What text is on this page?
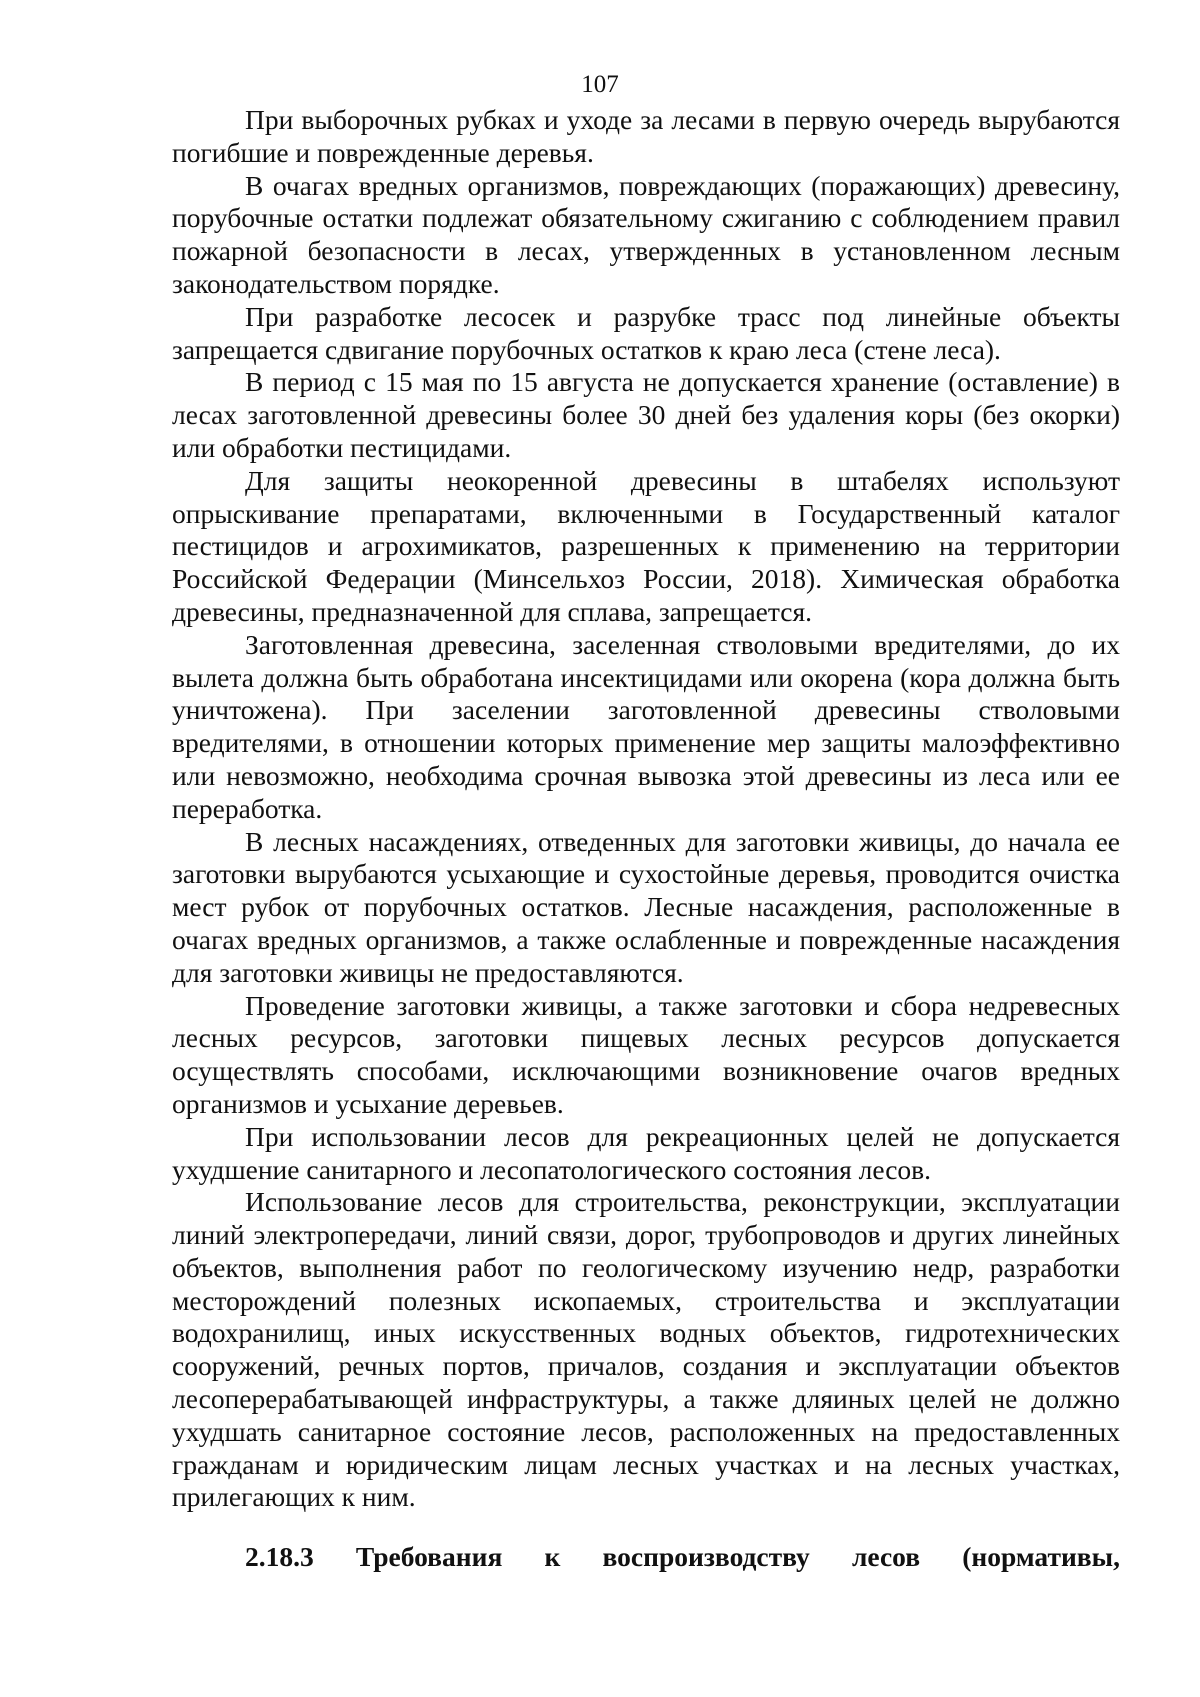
107

При выборочных рубках и уходе за лесами в первую очередь вырубаются погибшие и поврежденные деревья.

В очагах вредных организмов, повреждающих (поражающих) древесину, порубочные остатки подлежат обязательному сжиганию с соблюдением правил пожарной безопасности в лесах, утвержденных в установленном лесным законодательством порядке.

При разработке лесосек и разрубке трасс под линейные объекты запрещается сдвигание порубочных остатков к краю леса (стене леса).

В период с 15 мая по 15 августа не допускается хранение (оставление) в лесах заготовленной древесины более 30 дней без удаления коры (без окорки) или обработки пестицидами.

Для защиты неокоренной древесины в штабелях используют опрыскивание препаратами, включенными в Государственный каталог пестицидов и агрохимикатов, разрешенных к применению на территории Российской Федерации (Минсельхоз России, 2018). Химическая обработка древесины, предназначенной для сплава, запрещается.

Заготовленная древесина, заселенная стволовыми вредителями, до их вылета должна быть обработана инсектицидами или окорена (кора должна быть уничтожена). При заселении заготовленной древесины стволовыми вредителями, в отношении которых применение мер защиты малоэффективно или невозможно, необходима срочная вывозка этой древесины из леса или ее переработка.

В лесных насаждениях, отведенных для заготовки живицы, до начала ее заготовки вырубаются усыхающие и сухостойные деревья, проводится очистка мест рубок от порубочных остатков. Лесные насаждения, расположенные в очагах вредных организмов, а также ослабленные и поврежденные насаждения для заготовки живицы не предоставляются.

Проведение заготовки живицы, а также заготовки и сбора недревесных лесных ресурсов, заготовки пищевых лесных ресурсов допускается осуществлять способами, исключающими возникновение очагов вредных организмов и усыхание деревьев.

При использовании лесов для рекреационных целей не допускается ухудшение санитарного и лесопатологического состояния лесов.

Использование лесов для строительства, реконструкции, эксплуатации линий электропередачи, линий связи, дорог, трубопроводов и других линейных объектов, выполнения работ по геологическому изучению недр, разработки месторождений полезных ископаемых, строительства и эксплуатации водохранилищ, иных искусственных водных объектов, гидротехнических сооружений, речных портов, причалов, создания и эксплуатации объектов лесоперерабатывающей инфраструктуры, а также дляиных целей не должно ухудшать санитарное состояние лесов, расположенных на предоставленных гражданам и юридическим лицам лесных участках и на лесных участках, прилегающих к ним.

2.18.3 Требования к воспроизводству лесов (нормативы,
